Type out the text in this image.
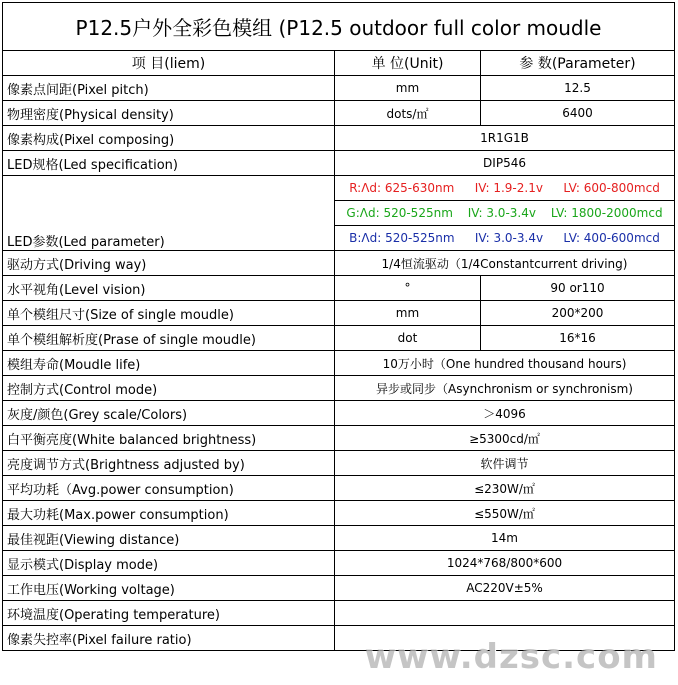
P12.5户外全彩色模组 (P12.5 outdoor full color moudle		
项 目(liem)	单 位(Unit)	参 数(Parameter)
像素点间距(Pixel pitch)	mm	12.5
物理密度(Physical density)	dots/㎡	6400
像素构成(Pixel composing)	1R1G1B	
LED规格(Led specification)	DIP546	
LED参数(Led parameter)	R:Λd: 625-630nm IV: 1.9-2.1v LV: 600-800mcd	

	G:Λd: 520-525nm IV: 3.0-3.4v LV: 1800-2000mcd	

	B:Λd: 520-525nm IV: 3.0-3.4v LV: 400-600mcd	

驱动方式(Driving way)	1/4恒流驱动（1/4Constantcurrent driving)	
水平视角(Level vision)	°	90 or110
单个模组尺寸(Size of single moudle)	mm	200*200
单个模组解析度(Prase of single moudle)	dot	16*16
模组寿命(Moudle life)	10万小时（One hundred thousand hours)	
控制方式(Control mode)	异步或同步（Asynchronism or synchronism)	
灰度/颜色(Grey scale/Colors)	＞4096	
白平衡亮度(White balanced brightness)	≥5300cd/㎡	
亮度调节方式(Brightness adjusted by)	软件调节	
平均功耗（Avg.power consumption)	≤230W/㎡	
最大功耗(Max.power consumption)	≤550W/㎡	
最佳视距(Viewing distance)	14m	
显示模式(Display mode)	1024*768/800*600	
工作电压(Working voltage)	AC220V±5%	
环境温度(Operating temperature)		
像素失控率(Pixel failure ratio)			www.dzsc.com
